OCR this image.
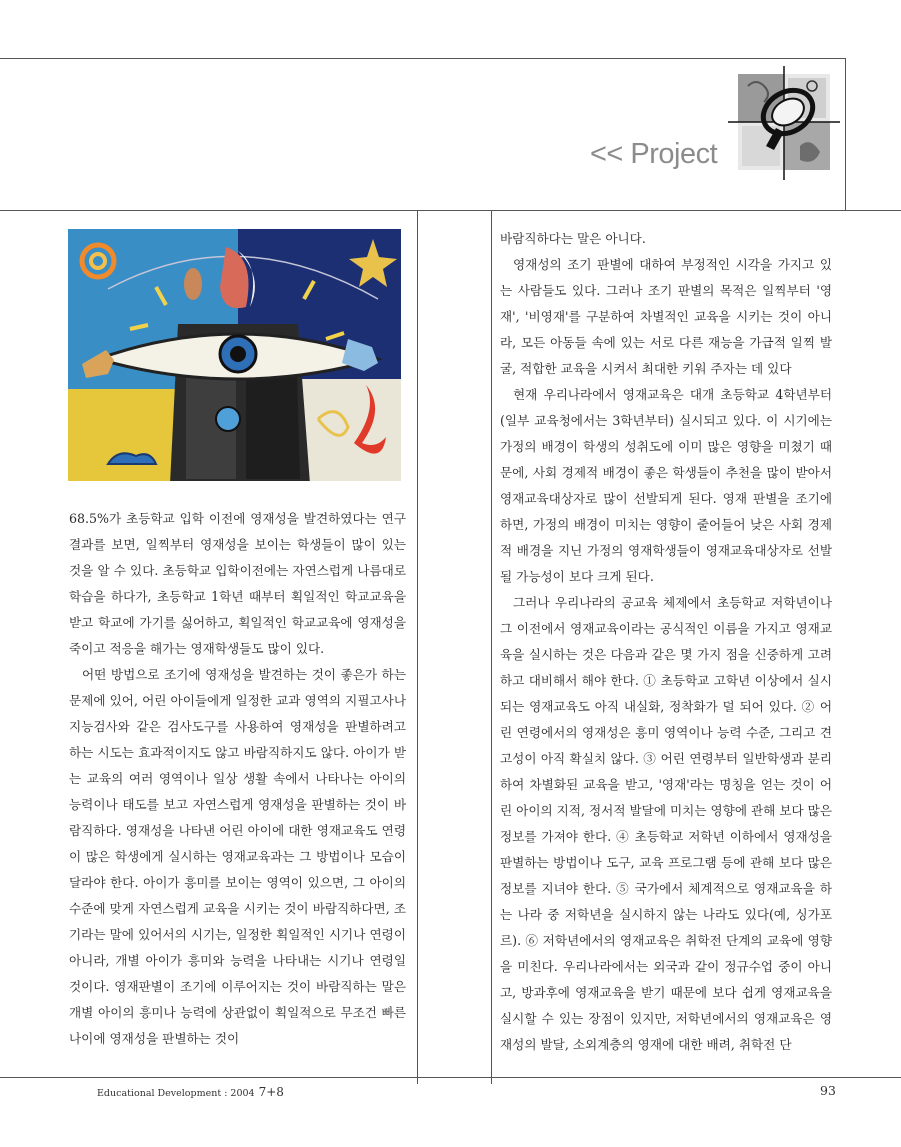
<< Project

68.5%가 초등학교 입학 이전에 영재성을 발견하였다는 연구결과를 보면, 일찍부터 영재성을 보이는 학생들이 많이 있는 것을 알 수 있다. 초등학교 입학이전에는 자연스럽게 나름대로 학습을 하다가, 초등학교 1학년 때부터 획일적인 학교교육을 받고 학교에 가기를 싫어하고, 획일적인 학교교육에 영재성을 죽이고 적응을 해가는 영재학생들도 많이 있다.

어떤 방법으로 조기에 영재성을 발견하는 것이 좋은가 하는 문제에 있어, 어린 아이들에게 일정한 교과 영역의 지필고사나 지능검사와 같은 검사도구를 사용하여 영재성을 판별하려고 하는 시도는 효과적이지도 않고 바람직하지도 않다. 아이가 받는 교육의 여러 영역이나 일상 생활 속에서 나타나는 아이의 능력이나 태도를 보고 자연스럽게 영재성을 판별하는 것이 바람직하다. 영재성을 나타낸 어린 아이에 대한 영재교육도 연령이 많은 학생에게 실시하는 영재교육과는 그 방법이나 모습이 달라야 한다. 아이가 흥미를 보이는 영역이 있으면, 그 아이의 수준에 맞게 자연스럽게 교육을 시키는 것이 바람직하다면, 조기라는 말에 있어서의 시기는, 일정한 획일적인 시기나 연령이 아니라, 개별 아이가 흥미와 능력을 나타내는 시기나 연령일 것이다. 영재판별이 조기에 이루어지는 것이 바람직하는 말은 개별 아이의 흥미나 능력에 상관없이 획일적으로 무조건 빠른 나이에 영재성을 판별하는 것이

바람직하다는 말은 아니다.

영재성의 조기 판별에 대하여 부정적인 시각을 가지고 있는 사람들도 있다. 그러나 조기 판별의 목적은 일찍부터 '영재', '비영재'를 구분하여 차별적인 교육을 시키는 것이 아니라, 모든 아동들 속에 있는 서로 다른 재능을 가급적 일찍 발굴, 적합한 교육을 시켜서 최대한 키워 주자는 데 있다

현재 우리나라에서 영재교육은 대개 초등학교 4학년부터(일부 교육청에서는 3학년부터) 실시되고 있다. 이 시기에는 가정의 배경이 학생의 성취도에 이미 많은 영향을 미쳤기 때문에, 사회 경제적 배경이 좋은 학생들이 추천을 많이 받아서 영재교육대상자로 많이 선발되게 된다. 영재 판별을 조기에 하면, 가정의 배경이 미치는 영향이 줄어들어 낮은 사회 경제적 배경을 지닌 가정의 영재학생들이 영재교육대상자로 선발될 가능성이 보다 크게 된다.

그러나 우리나라의 공교육 체제에서 초등학교 저학년이나 그 이전에서 영재교육이라는 공식적인 이름을 가지고 영재교육을 실시하는 것은 다음과 같은 몇 가지 점을 신중하게 고려하고 대비해서 해야 한다. ① 초등학교 고학년 이상에서 실시되는 영재교육도 아직 내실화, 정착화가 덜 되어 있다. ② 어린 연령에서의 영재성은 흥미 영역이나 능력 수준, 그리고 견고성이 아직 확실치 않다. ③ 어린 연령부터 일반학생과 분리하여 차별화된 교육을 받고, '영재'라는 명칭을 얻는 것이 어린 아이의 지적, 정서적 발달에 미치는 영향에 관해 보다 많은 정보를 가져야 한다. ④ 초등학교 저학년 이하에서 영재성을 판별하는 방법이나 도구, 교육 프로그램 등에 관해 보다 많은 정보를 지녀야 한다. ⑤ 국가에서 체계적으로 영재교육을 하는 나라 중 저학년을 실시하지 않는 나라도 있다(예, 싱가포르). ⑥ 저학년에서의 영재교육은 취학전 단계의 교육에 영향을 미친다. 우리나라에서는 외국과 같이 정규수업 중이 아니고, 방과후에 영재교육을 받기 때문에 보다 쉽게 영재교육을 실시할 수 있는 장점이 있지만, 저학년에서의 영재교육은 영재성의 발달, 소외계층의 영재에 대한 배려, 취학전 단

Educational Development : 2004 7+8	93
